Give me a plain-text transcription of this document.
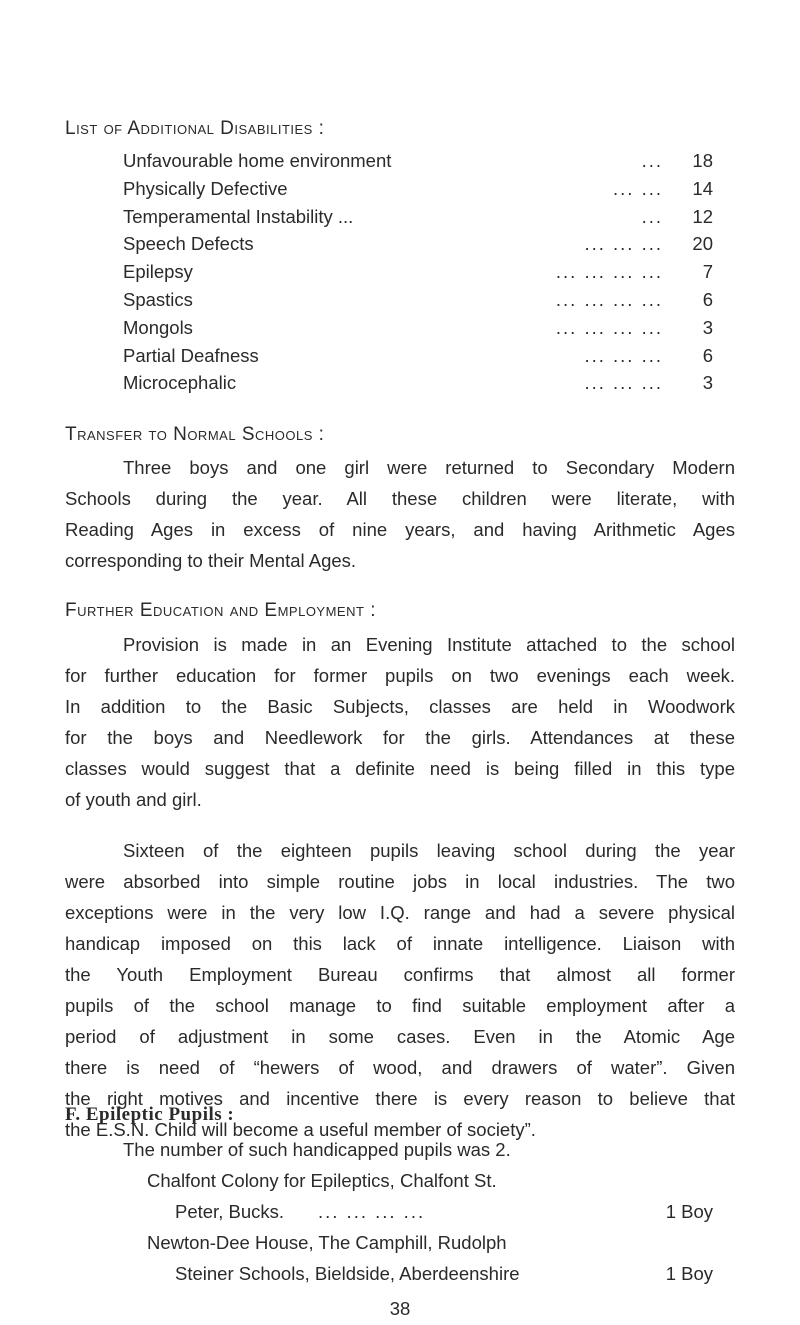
List of Additional Disabilities :
Unfavourable home environment	...	18
Physically Defective	... ...	14
Temperamental Instability ...	...	12
Speech Defects	... ... ...	20
Epilepsy	... ... ... ...	7
Spastics	... ... ... ...	6
Mongols	... ... ... ...	3
Partial Deafness	... ... ...	6
Microcephalic	... ... ...	3
Transfer to Normal Schools :
Three boys and one girl were returned to Secondary Modern
Schools during the year. All these children were literate, with
Reading Ages in excess of nine years, and having Arithmetic Ages
corresponding to their Mental Ages.
Further Education and Employment :
Provision is made in an Evening Institute attached to the school
for further education for former pupils on two evenings each week.
In addition to the Basic Subjects, classes are held in Woodwork
for the boys and Needlework for the girls. Attendances at these
classes would suggest that a definite need is being filled in this type
of youth and girl.
Sixteen of the eighteen pupils leaving school during the year
were absorbed into simple routine jobs in local industries. The two
exceptions were in the very low I.Q. range and had a severe physical
handicap imposed on this lack of innate intelligence. Liaison with
the Youth Employment Bureau confirms that almost all former
pupils of the school manage to find suitable employment after a
period of adjustment in some cases. Even in the Atomic Age
there is need of “hewers of wood, and drawers of water”. Given
the right motives and incentive there is every reason to believe that
the E.S.N. Child will become a useful member of society”.
F. Epileptic Pupils :
The number of such handicapped pupils was 2.
Chalfont Colony for Epileptics, Chalfont St.
Peter, Bucks. ... ... ... ...	1 Boy
Newton-Dee House, The Camphill, Rudolph
Steiner Schools, Bieldside, Aberdeenshire	1 Boy
38
